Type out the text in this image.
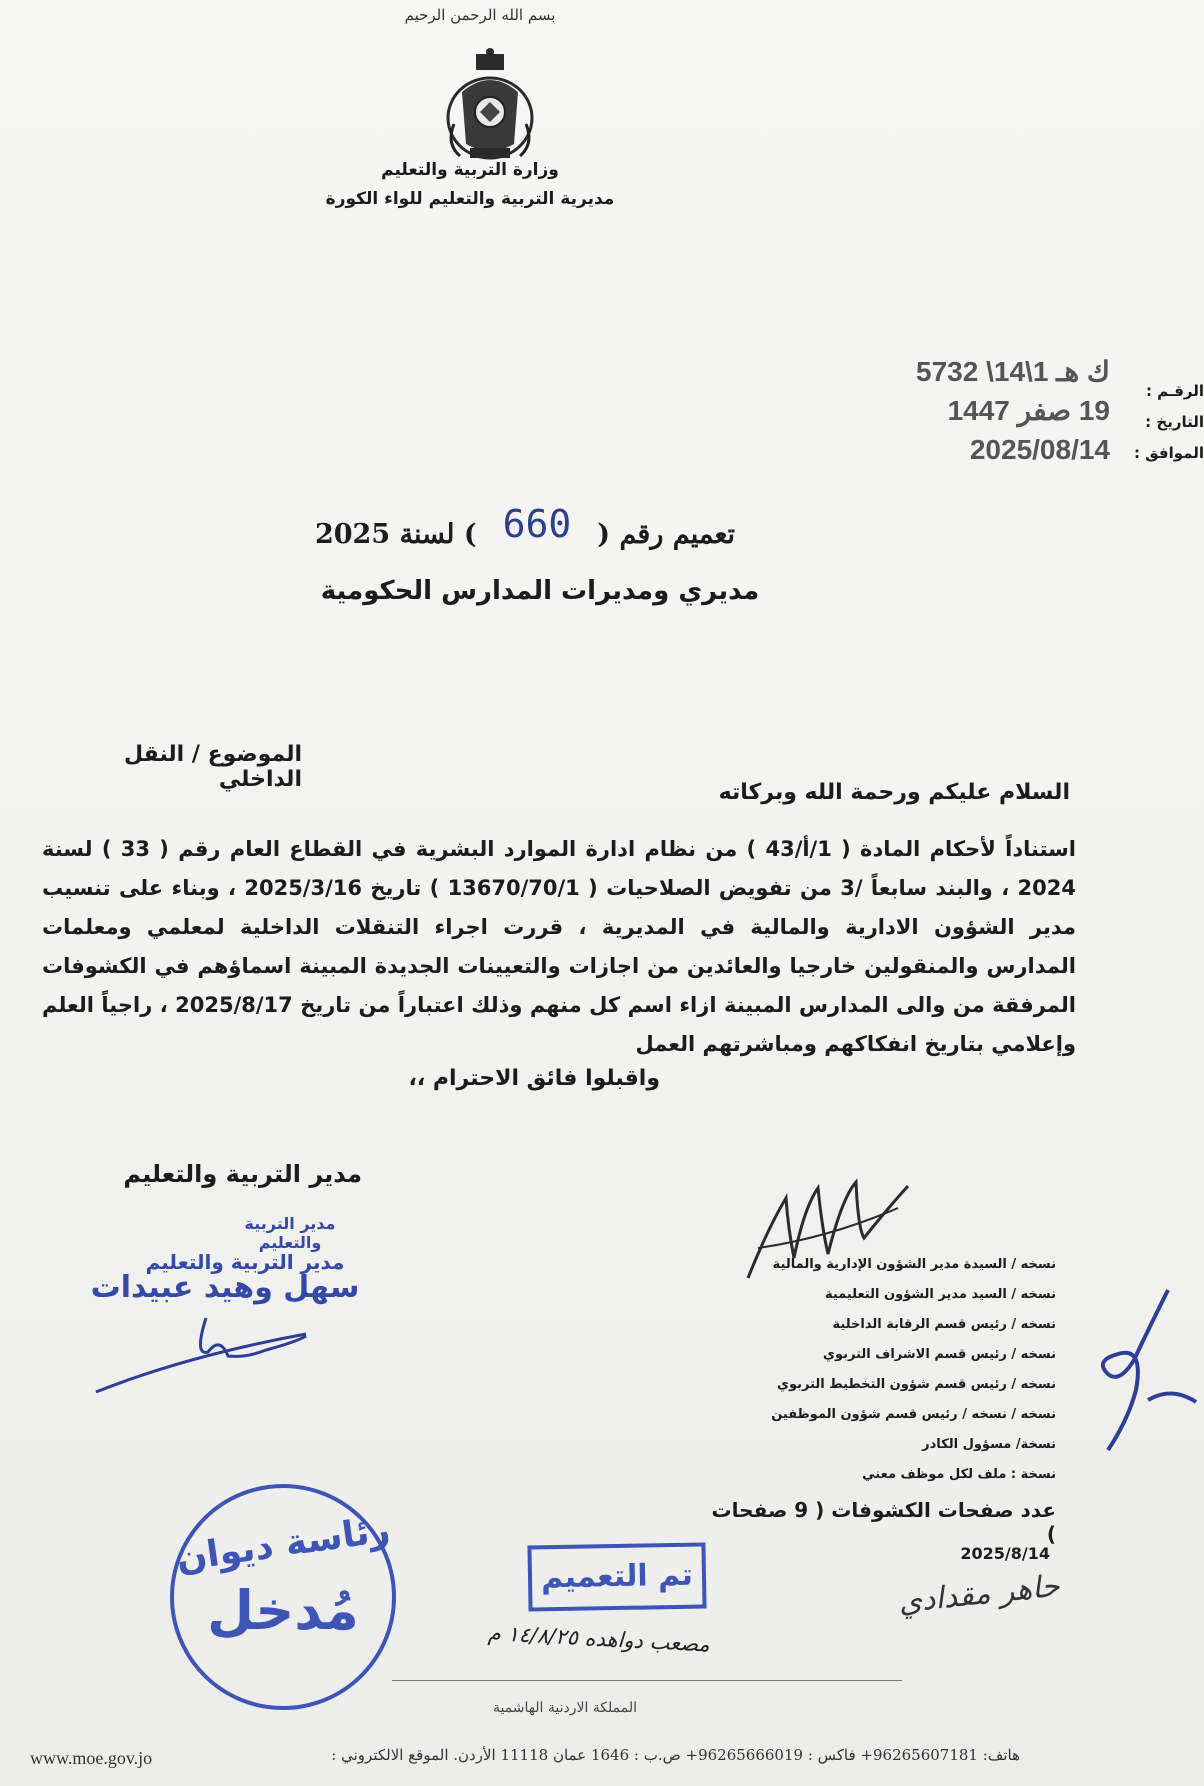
بسم الله الرحمن الرحيم
وزارة التربية والتعليم
مديرية التربية والتعليم للواء الكورة
الرقـم :
التاريخ :
الموافق :
ك هـ 1\14\ 5732
19 صفر 1447
2025/08/14
تعميم رقم (660) لسنة 2025
مديري ومديرات المدارس الحكومية
الموضوع / النقل الداخلي
السلام عليكم ورحمة الله وبركاته
استناداً لأحكام المادة ( 1/أ/43 ) من نظام ادارة الموارد البشرية في القطاع العام رقم ( 33 ) لسنة 2024 ، والبند سابعاً /3 من تفويض الصلاحيات ( 13670/70/1 ) تاريخ 2025/3/16 ، وبناء على تنسيب مدير الشؤون الادارية والمالية في المديرية ، قررت اجراء التنقلات الداخلية لمعلمي ومعلمات المدارس والمنقولين خارجيا والعائدين من اجازات والتعيينات الجديدة المبينة اسماؤهم في الكشوفات المرفقة من والى المدارس المبينة ازاء اسم كل منهم وذلك اعتباراً من تاريخ 2025/8/17 ، راجياً العلم وإعلامي بتاريخ انفكاكهم ومباشرتهم العمل
واقبلوا فائق الاحترام ،،
مدير التربية والتعليم
مدير التربية والتعليم
مدير التربية والتعليم
سهل وهيد عبيدات
نسخه / السيدة مدير الشؤون الإدارية والمالية
نسخه / السيد مدير الشؤون التعليمية
نسخه / رئيس قسم الرقابة الداخلية
نسخه / رئيس قسم الاشراف التربوي
نسخه / رئيس قسم شؤون التخطيط التربوي
نسخه / نسخه / رئيس قسم شؤون الموظفين
نسخة/ مسؤول الكادر
نسخة : ملف لكل موظف معني
عدد صفحات الكشوفات ( 9 صفحات )
2025/8/14
رئاسة ديوان
مُدخل
تم التعميم
مصعب دواهده ١٤/٨/٢٥ م
حاهر مقدادي
المملكة الاردنية الهاشمية
www.moe.gov.jo	هاتف: 96265607181+ فاكس : 96265666019+ ص.ب : 1646 عمان 11118 الأردن. الموقع الالكتروني :
